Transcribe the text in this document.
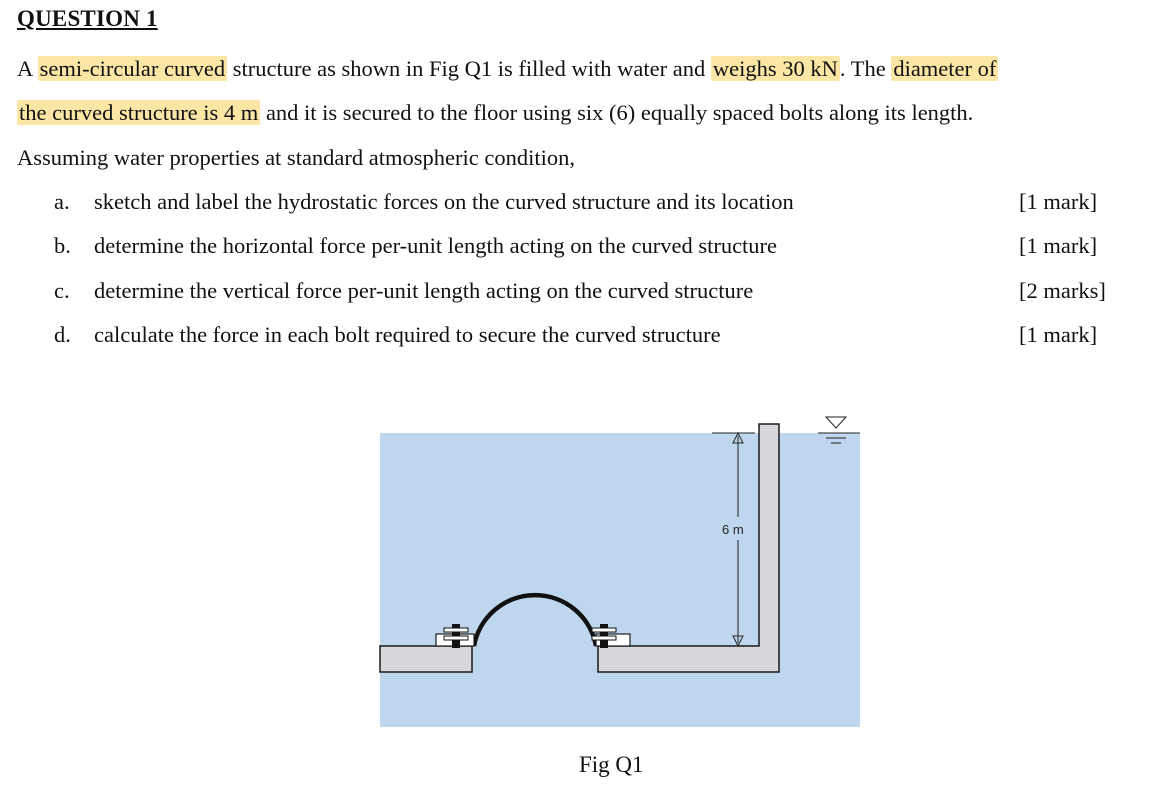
QUESTION 1
A semi-circular curved structure as shown in Fig Q1 is filled with water and weighs 30 kN. The diameter of
the curved structure is 4 m and it is secured to the floor using six (6) equally spaced bolts along its length.
Assuming water properties at standard atmospheric condition,
a. sketch and label the hydrostatic forces on the curved structure and its location	[1 mark]
b. determine the horizontal force per-unit length acting on the curved structure	[1 mark]
c. determine the vertical force per-unit length acting on the curved structure	[2 marks]
d. calculate the force in each bolt required to secure the curved structure	[1 mark]
6 m
Fig Q1
